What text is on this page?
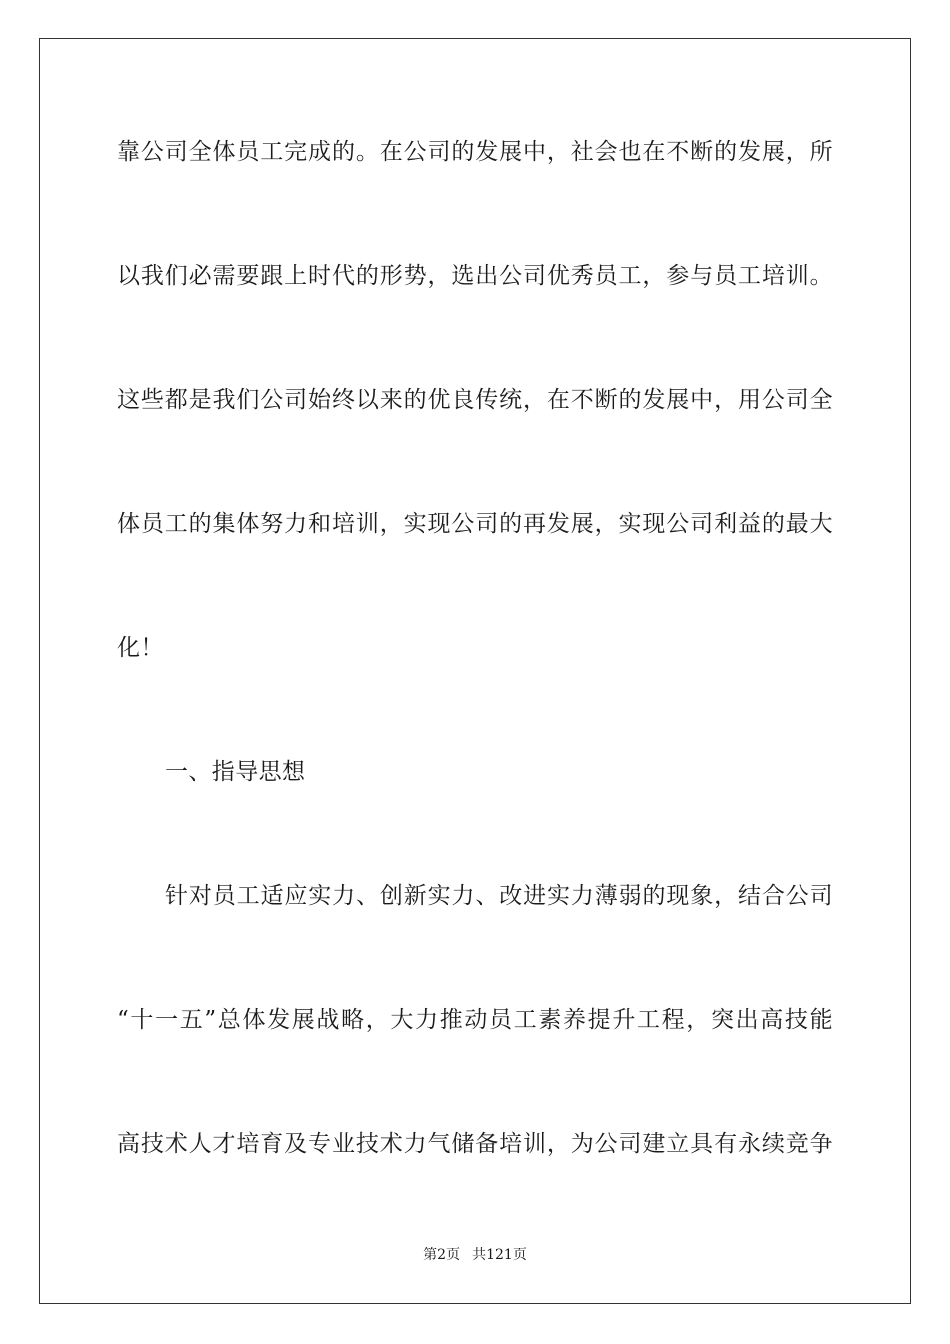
靠公司全体员工完成的。在公司的发展中，社会也在不断的发展，所
以我们必需要跟上时代的形势，选出公司优秀员工，参与员工培训。
这些都是我们公司始终以来的优良传统，在不断的发展中，用公司全
体员工的集体努力和培训，实现公司的再发展，实现公司利益的最大
化！
一、指导思想
针对员工适应实力、创新实力、改进实力薄弱的现象，结合公司
“十一五”总体发展战略，大力推动员工素养提升工程，突出高技能
高技术人才培育及专业技术力气储备培训，为公司建立具有永续竞争
第2页 共121页
